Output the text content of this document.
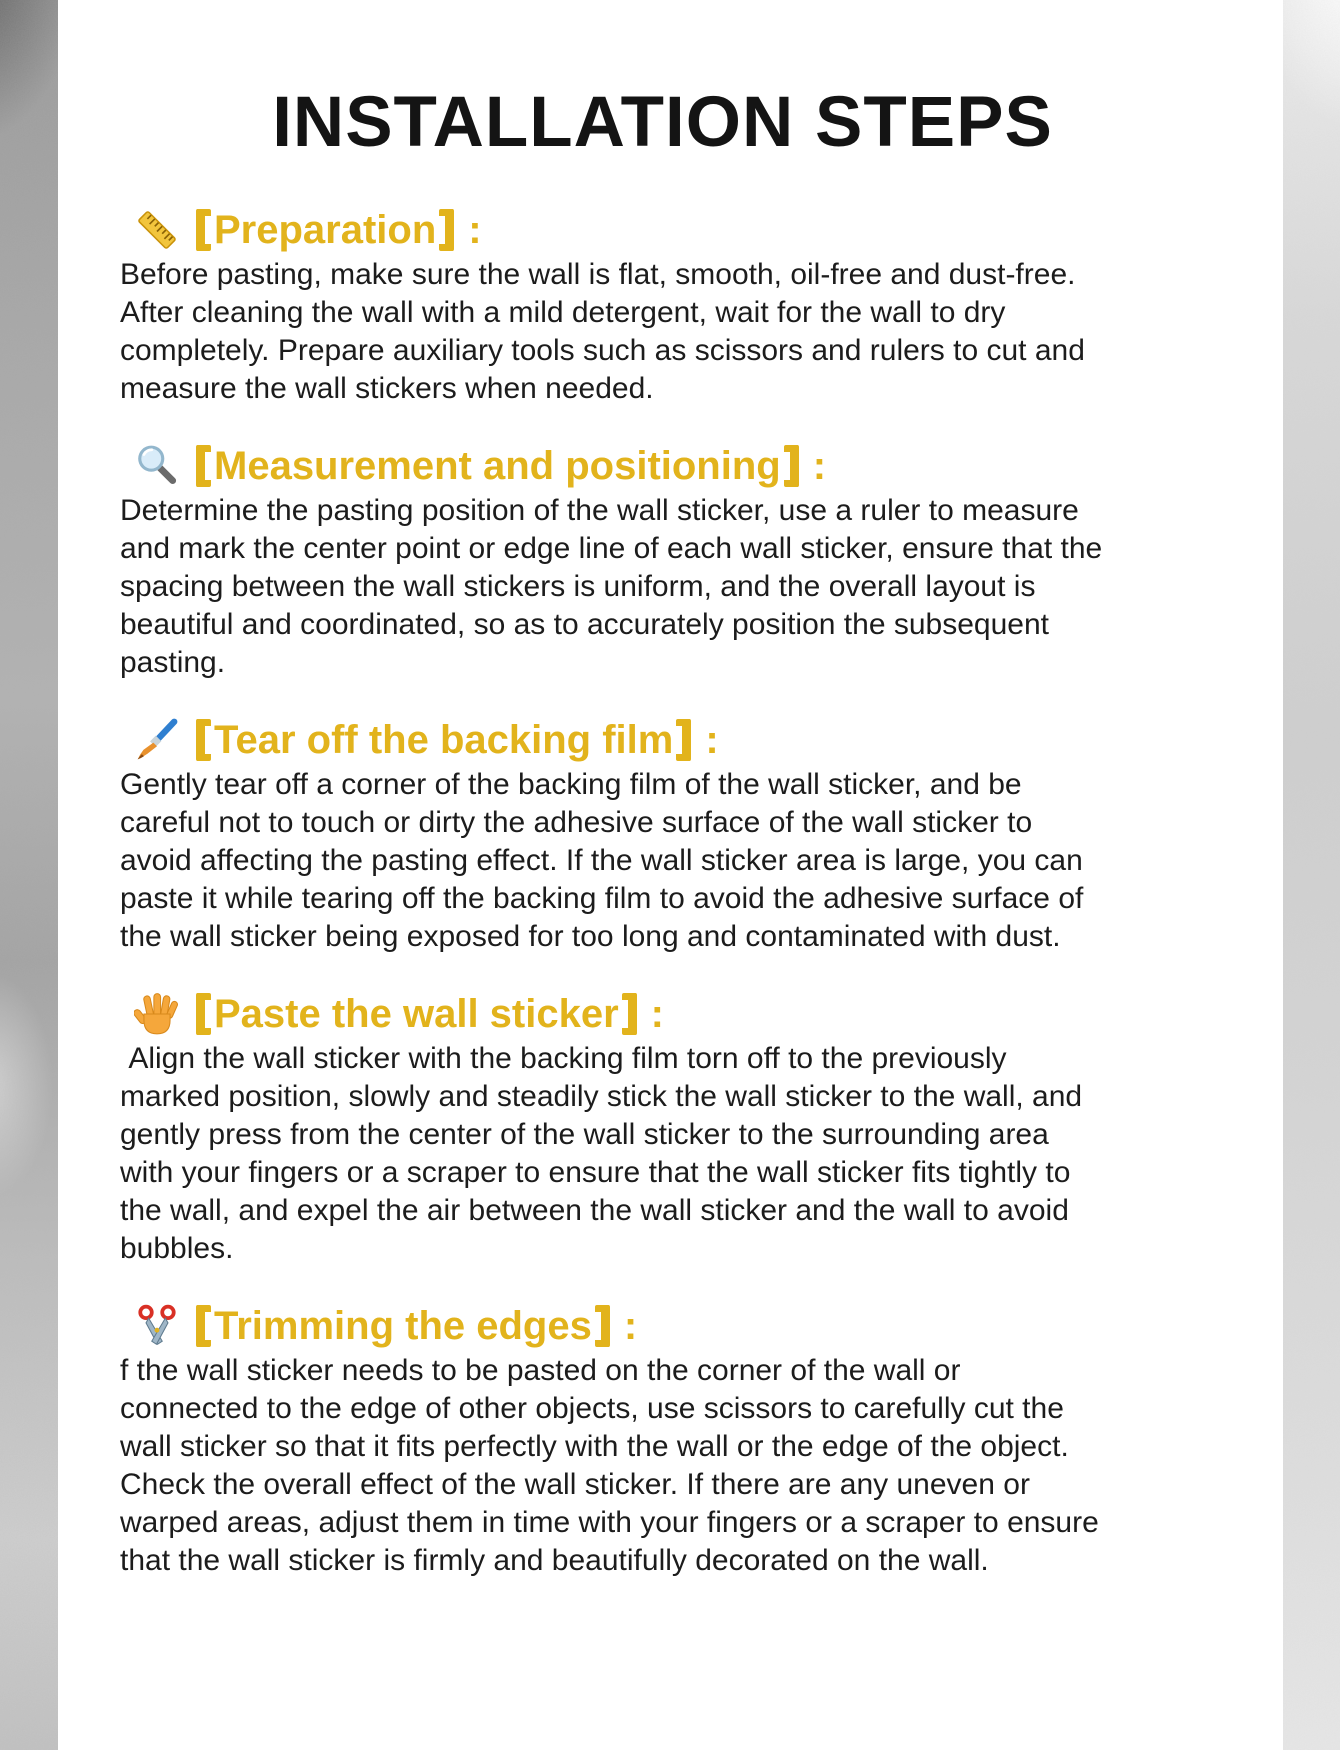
INSTALLATION STEPS
Preparation :

Before pasting, make sure the wall is flat, smooth, oil-free and dust-free. After cleaning the wall with a mild detergent, wait for the wall to dry completely. Prepare auxiliary tools such as scissors and rulers to cut and measure the wall stickers when needed.

Measurement and positioning :

Determine the pasting position of the wall sticker, use a ruler to measure and mark the center point or edge line of each wall sticker, ensure that the spacing between the wall stickers is uniform, and the overall layout is beautiful and coordinated, so as to accurately position the subsequent pasting.

Tear off the backing film :

Gently tear off a corner of the backing film of the wall sticker, and be careful not to touch or dirty the adhesive surface of the wall sticker to avoid affecting the pasting effect. If the wall sticker area is large, you can paste it while tearing off the backing film to avoid the adhesive surface of the wall sticker being exposed for too long and contaminated with dust.

Paste the wall sticker :

Align the wall sticker with the backing film torn off to the previously marked position, slowly and steadily stick the wall sticker to the wall, and gently press from the center of the wall sticker to the surrounding area with your fingers or a scraper to ensure that the wall sticker fits tightly to the wall, and expel the air between the wall sticker and the wall to avoid bubbles.

Trimming the edges :

f the wall sticker needs to be pasted on the corner of the wall or connected to the edge of other objects, use scissors to carefully cut the wall sticker so that it fits perfectly with the wall or the edge of the object. Check the overall effect of the wall sticker. If there are any uneven or warped areas, adjust them in time with your fingers or a scraper to ensure that the wall sticker is firmly and beautifully decorated on the wall.
